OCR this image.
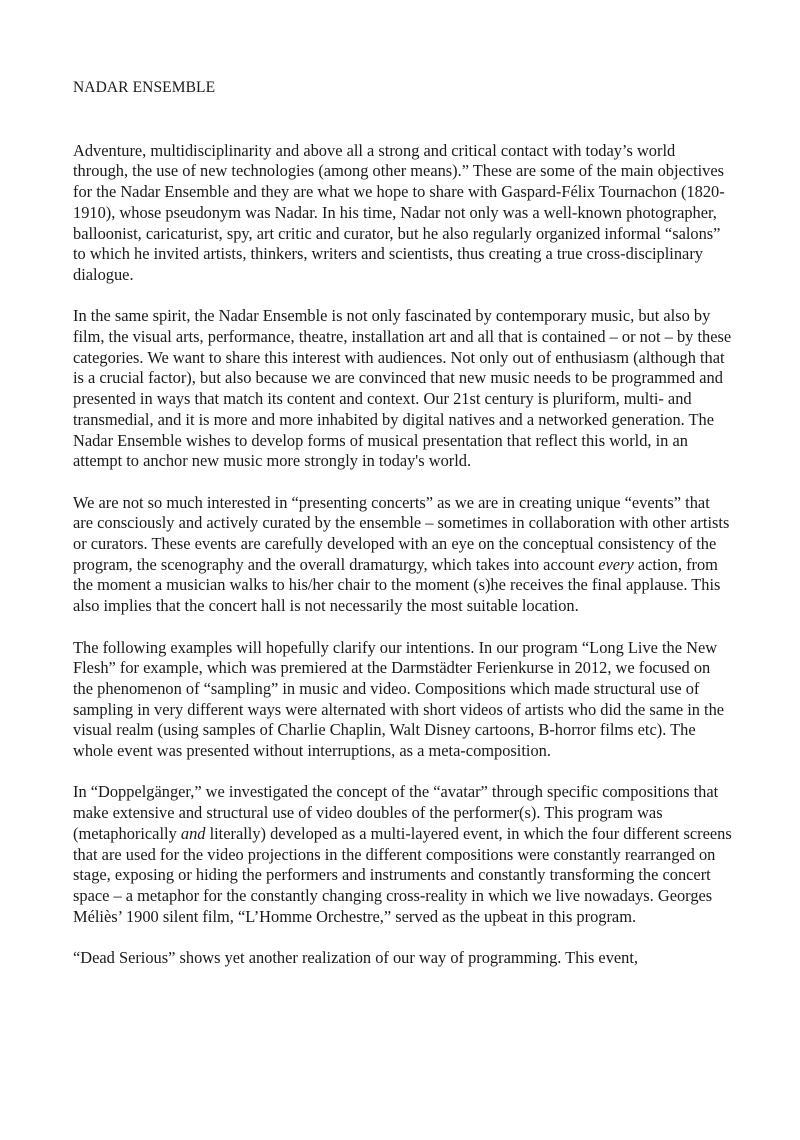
NADAR ENSEMBLE

Adventure, multidisciplinarity and above all a strong and critical contact with today’s world through, the use of new technologies (among other means).” These are some of the main objectives for the Nadar Ensemble and they are what we hope to share with Gaspard-Félix Tournachon (1820-1910), whose pseudonym was Nadar. In his time, Nadar not only was a well-known photographer, balloonist, caricaturist, spy, art critic and curator, but he also regularly organized informal “salons” to which he invited artists, thinkers, writers and scientists, thus creating a true cross-disciplinary dialogue.

In the same spirit, the Nadar Ensemble is not only fascinated by contemporary music, but also by film, the visual arts, performance, theatre, installation art and all that is contained – or not – by these categories. We want to share this interest with audiences. Not only out of enthusiasm (although that is a crucial factor), but also because we are convinced that new music needs to be programmed and presented in ways that match its content and context. Our 21st century is pluriform, multi- and transmedial, and it is more and more inhabited by digital natives and a networked generation. The Nadar Ensemble wishes to develop forms of musical presentation that reflect this world, in an attempt to anchor new music more strongly in today's world.

We are not so much interested in “presenting concerts” as we are in creating unique “events” that are consciously and actively curated by the ensemble – sometimes in collaboration with other artists or curators. These events are carefully developed with an eye on the conceptual consistency of the program, the scenography and the overall dramaturgy, which takes into account every action, from the moment a musician walks to his/her chair to the moment (s)he receives the final applause. This also implies that the concert hall is not necessarily the most suitable location.

The following examples will hopefully clarify our intentions. In our program “Long Live the New Flesh” for example, which was premiered at the Darmstädter Ferienkurse in 2012, we focused on the phenomenon of “sampling” in music and video. Compositions which made structural use of sampling in very different ways were alternated with short videos of artists who did the same in the visual realm (using samples of Charlie Chaplin, Walt Disney cartoons, B-horror films etc). The whole event was presented without interruptions, as a meta-composition.

In “Doppelgänger,” we investigated the concept of the “avatar” through specific compositions that make extensive and structural use of video doubles of the performer(s). This program was (metaphorically and literally) developed as a multi-layered event, in which the four different screens that are used for the video projections in the different compositions were constantly rearranged on stage, exposing or hiding the performers and instruments and constantly transforming the concert space – a metaphor for the constantly changing cross-reality in which we live nowadays. Georges Méliès’ 1900 silent film, “L’Homme Orchestre,” served as the upbeat in this program.

“Dead Serious” shows yet another realization of our way of programming. This event,
